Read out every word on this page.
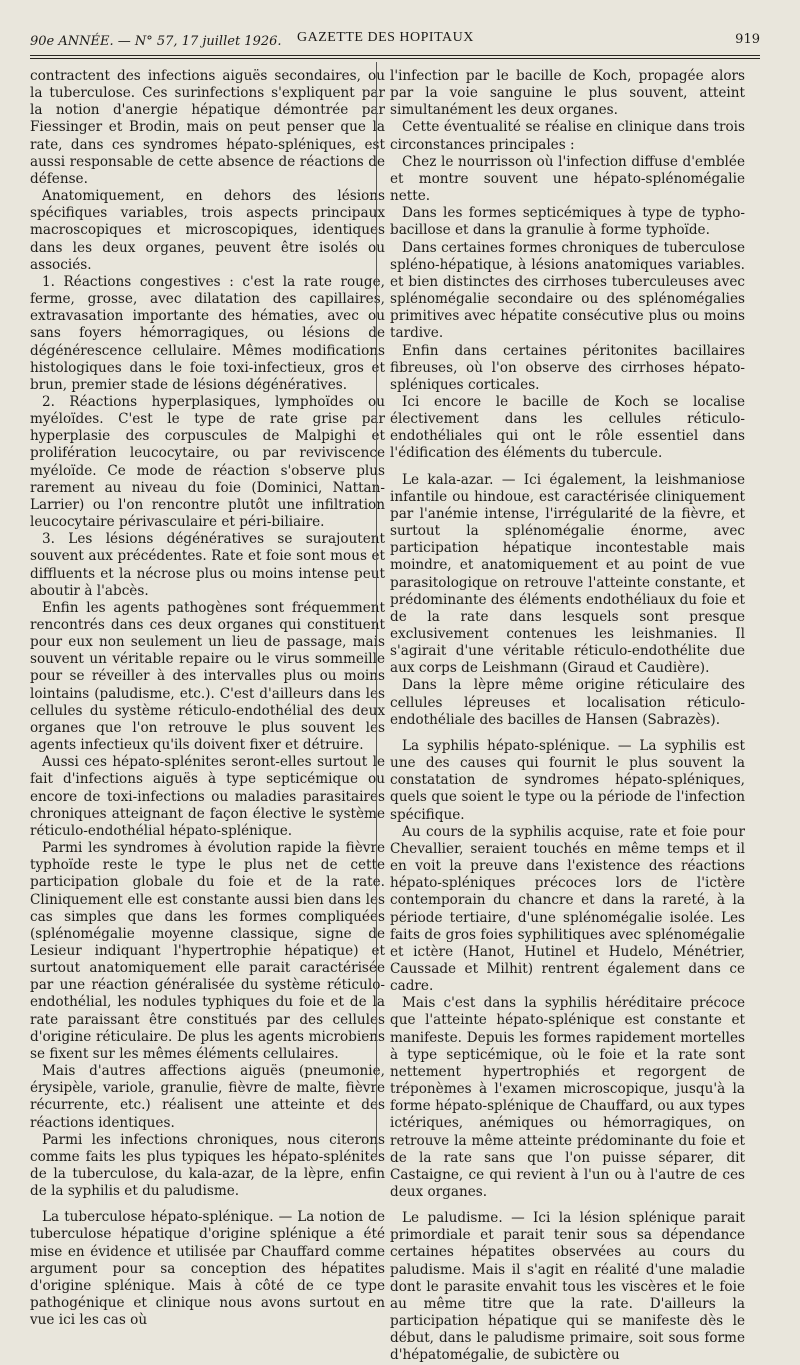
90e ANNÉE. — N° 57, 17 juillet 1926. GAZETTE DES HOPITAUX	919

contractent des infections aiguës secondaires, ou la tuberculose. Ces surinfections s'expliquent par la notion d'anergie hépatique démontrée par Fiessinger et Brodin, mais on peut penser que la rate, dans ces syndromes hépato-spléniques, est aussi responsable de cette absence de réactions de défense.

Anatomiquement, en dehors des lésions spécifiques variables, trois aspects principaux macroscopiques et microscopiques, identiques dans les deux organes, peuvent être isolés ou associés.

1. Réactions congestives : c'est la rate rouge, ferme, grosse, avec dilatation des capillaires, extravasation importante des hématies, avec ou sans foyers hémorragiques, ou lésions de dégénérescence cellulaire. Mêmes modifications histologiques dans le foie toxi-infectieux, gros et brun, premier stade de lésions dégénératives.

2. Réactions hyperplasiques, lymphoïdes ou myéloïdes. C'est le type de rate grise par hyperplasie des corpuscules de Malpighi et prolifération leucocytaire, ou par reviviscence myéloïde. Ce mode de réaction s'observe plus rarement au niveau du foie (Dominici, Nattan-Larrier) ou l'on rencontre plutôt une infiltration leucocytaire périvasculaire et péri-biliaire.

3. Les lésions dégénératives se surajoutent souvent aux précédentes. Rate et foie sont mous et diffluents et la nécrose plus ou moins intense peut aboutir à l'abcès.

Enfin les agents pathogènes sont fréquemment rencontrés dans ces deux organes qui constituent pour eux non seulement un lieu de passage, mais souvent un véritable repaire ou le virus sommeille pour se réveiller à des intervalles plus ou moins lointains (paludisme, etc.). C'est d'ailleurs dans les cellules du système réticulo-endothélial des deux organes que l'on retrouve le plus souvent les agents infectieux qu'ils doivent fixer et détruire.

Aussi ces hépato-splénites seront-elles surtout le fait d'infections aiguës à type septicémique ou encore de toxi-infections ou maladies parasitaires chroniques atteignant de façon élective le système réticulo-endothélial hépato-splénique.

Parmi les syndromes à évolution rapide la fièvre typhoïde reste le type le plus net de cette participation globale du foie et de la rate. Cliniquement elle est constante aussi bien dans les cas simples que dans les formes compliquées (splénomégalie moyenne classique, signe de Lesieur indiquant l'hypertrophie hépatique) et surtout anatomiquement elle parait caractérisée par une réaction généralisée du système réticulo-endothélial, les nodules typhiques du foie et de la rate paraissant être constitués par des cellules d'origine réticulaire. De plus les agents microbiens se fixent sur les mêmes éléments cellulaires.

Mais d'autres affections aiguës (pneumonie, érysipèle, variole, granulie, fièvre de malte, fièvre récurrente, etc.) réalisent une atteinte et des réactions identiques.

Parmi les infections chroniques, nous citerons comme faits les plus typiques les hépato-splénites de la tuberculose, du kala-azar, de la lèpre, enfin de la syphilis et du paludisme.

La tuberculose hépato-splénique. — La notion de tuberculose hépatique d'origine splénique a été mise en évidence et utilisée par Chauffard comme argument pour sa conception des hépatites d'origine splénique. Mais à côté de ce type pathogénique et clinique nous avons surtout en vue ici les cas où

l'infection par le bacille de Koch, propagée alors par la voie sanguine le plus souvent, atteint simultanément les deux organes.

Cette éventualité se réalise en clinique dans trois circonstances principales :

Chez le nourrisson où l'infection diffuse d'emblée et montre souvent une hépato-splénomégalie nette.

Dans les formes septicémiques à type de typho-bacillose et dans la granulie à forme typhoïde.

Dans certaines formes chroniques de tuberculose spléno-hépatique, à lésions anatomiques variables. et bien distinctes des cirrhoses tuberculeuses avec splénomégalie secondaire ou des splénomégalies primitives avec hépatite consécutive plus ou moins tardive.

Enfin dans certaines péritonites bacillaires fibreuses, où l'on observe des cirrhoses hépato-spléniques corticales.

Ici encore le bacille de Koch se localise électivement dans les cellules réticulo-endothéliales qui ont le rôle essentiel dans l'édification des éléments du tubercule.

Le kala-azar. — Ici également, la leishmaniose infantile ou hindoue, est caractérisée cliniquement par l'anémie intense, l'irrégularité de la fièvre, et surtout la splénomégalie énorme, avec participation hépatique incontestable mais moindre, et anatomiquement et au point de vue parasitologique on retrouve l'atteinte constante, et prédominante des éléments endothéliaux du foie et de la rate dans lesquels sont presque exclusivement contenues les leishmanies. Il s'agirait d'une véritable réticulo-endothélite due aux corps de Leishmann (Giraud et Caudière).

Dans la lèpre même origine réticulaire des cellules lépreuses et localisation réticulo-endothéliale des bacilles de Hansen (Sabrazès).

La syphilis hépato-splénique. — La syphilis est une des causes qui fournit le plus souvent la constatation de syndromes hépato-spléniques, quels que soient le type ou la période de l'infection spécifique.

Au cours de la syphilis acquise, rate et foie pour Chevallier, seraient touchés en même temps et il en voit la preuve dans l'existence des réactions hépato-spléniques précoces lors de l'ictère contemporain du chancre et dans la rareté, à la période tertiaire, d'une splénomégalie isolée. Les faits de gros foies syphilitiques avec splénomégalie et ictère (Hanot, Hutinel et Hudelo, Ménétrier, Caussade et Milhit) rentrent également dans ce cadre.

Mais c'est dans la syphilis héréditaire précoce que l'atteinte hépato-splénique est constante et manifeste. Depuis les formes rapidement mortelles à type septicémique, où le foie et la rate sont nettement hypertrophiés et regorgent de tréponèmes à l'examen microscopique, jusqu'à la forme hépato-splénique de Chauffard, ou aux types ictériques, anémiques ou hémorragiques, on retrouve la même atteinte prédominante du foie et de la rate sans que l'on puisse séparer, dit Castaigne, ce qui revient à l'un ou à l'autre de ces deux organes.

Le paludisme. — Ici la lésion splénique parait primordiale et parait tenir sous sa dépendance certaines hépatites observées au cours du paludisme. Mais il s'agit en réalité d'une maladie dont le parasite envahit tous les viscères et le foie au même titre que la rate. D'ailleurs la participation hépatique qui se manifeste dès le début, dans le paludisme primaire, soit sous forme d'hépatomégalie, de subictère ou
